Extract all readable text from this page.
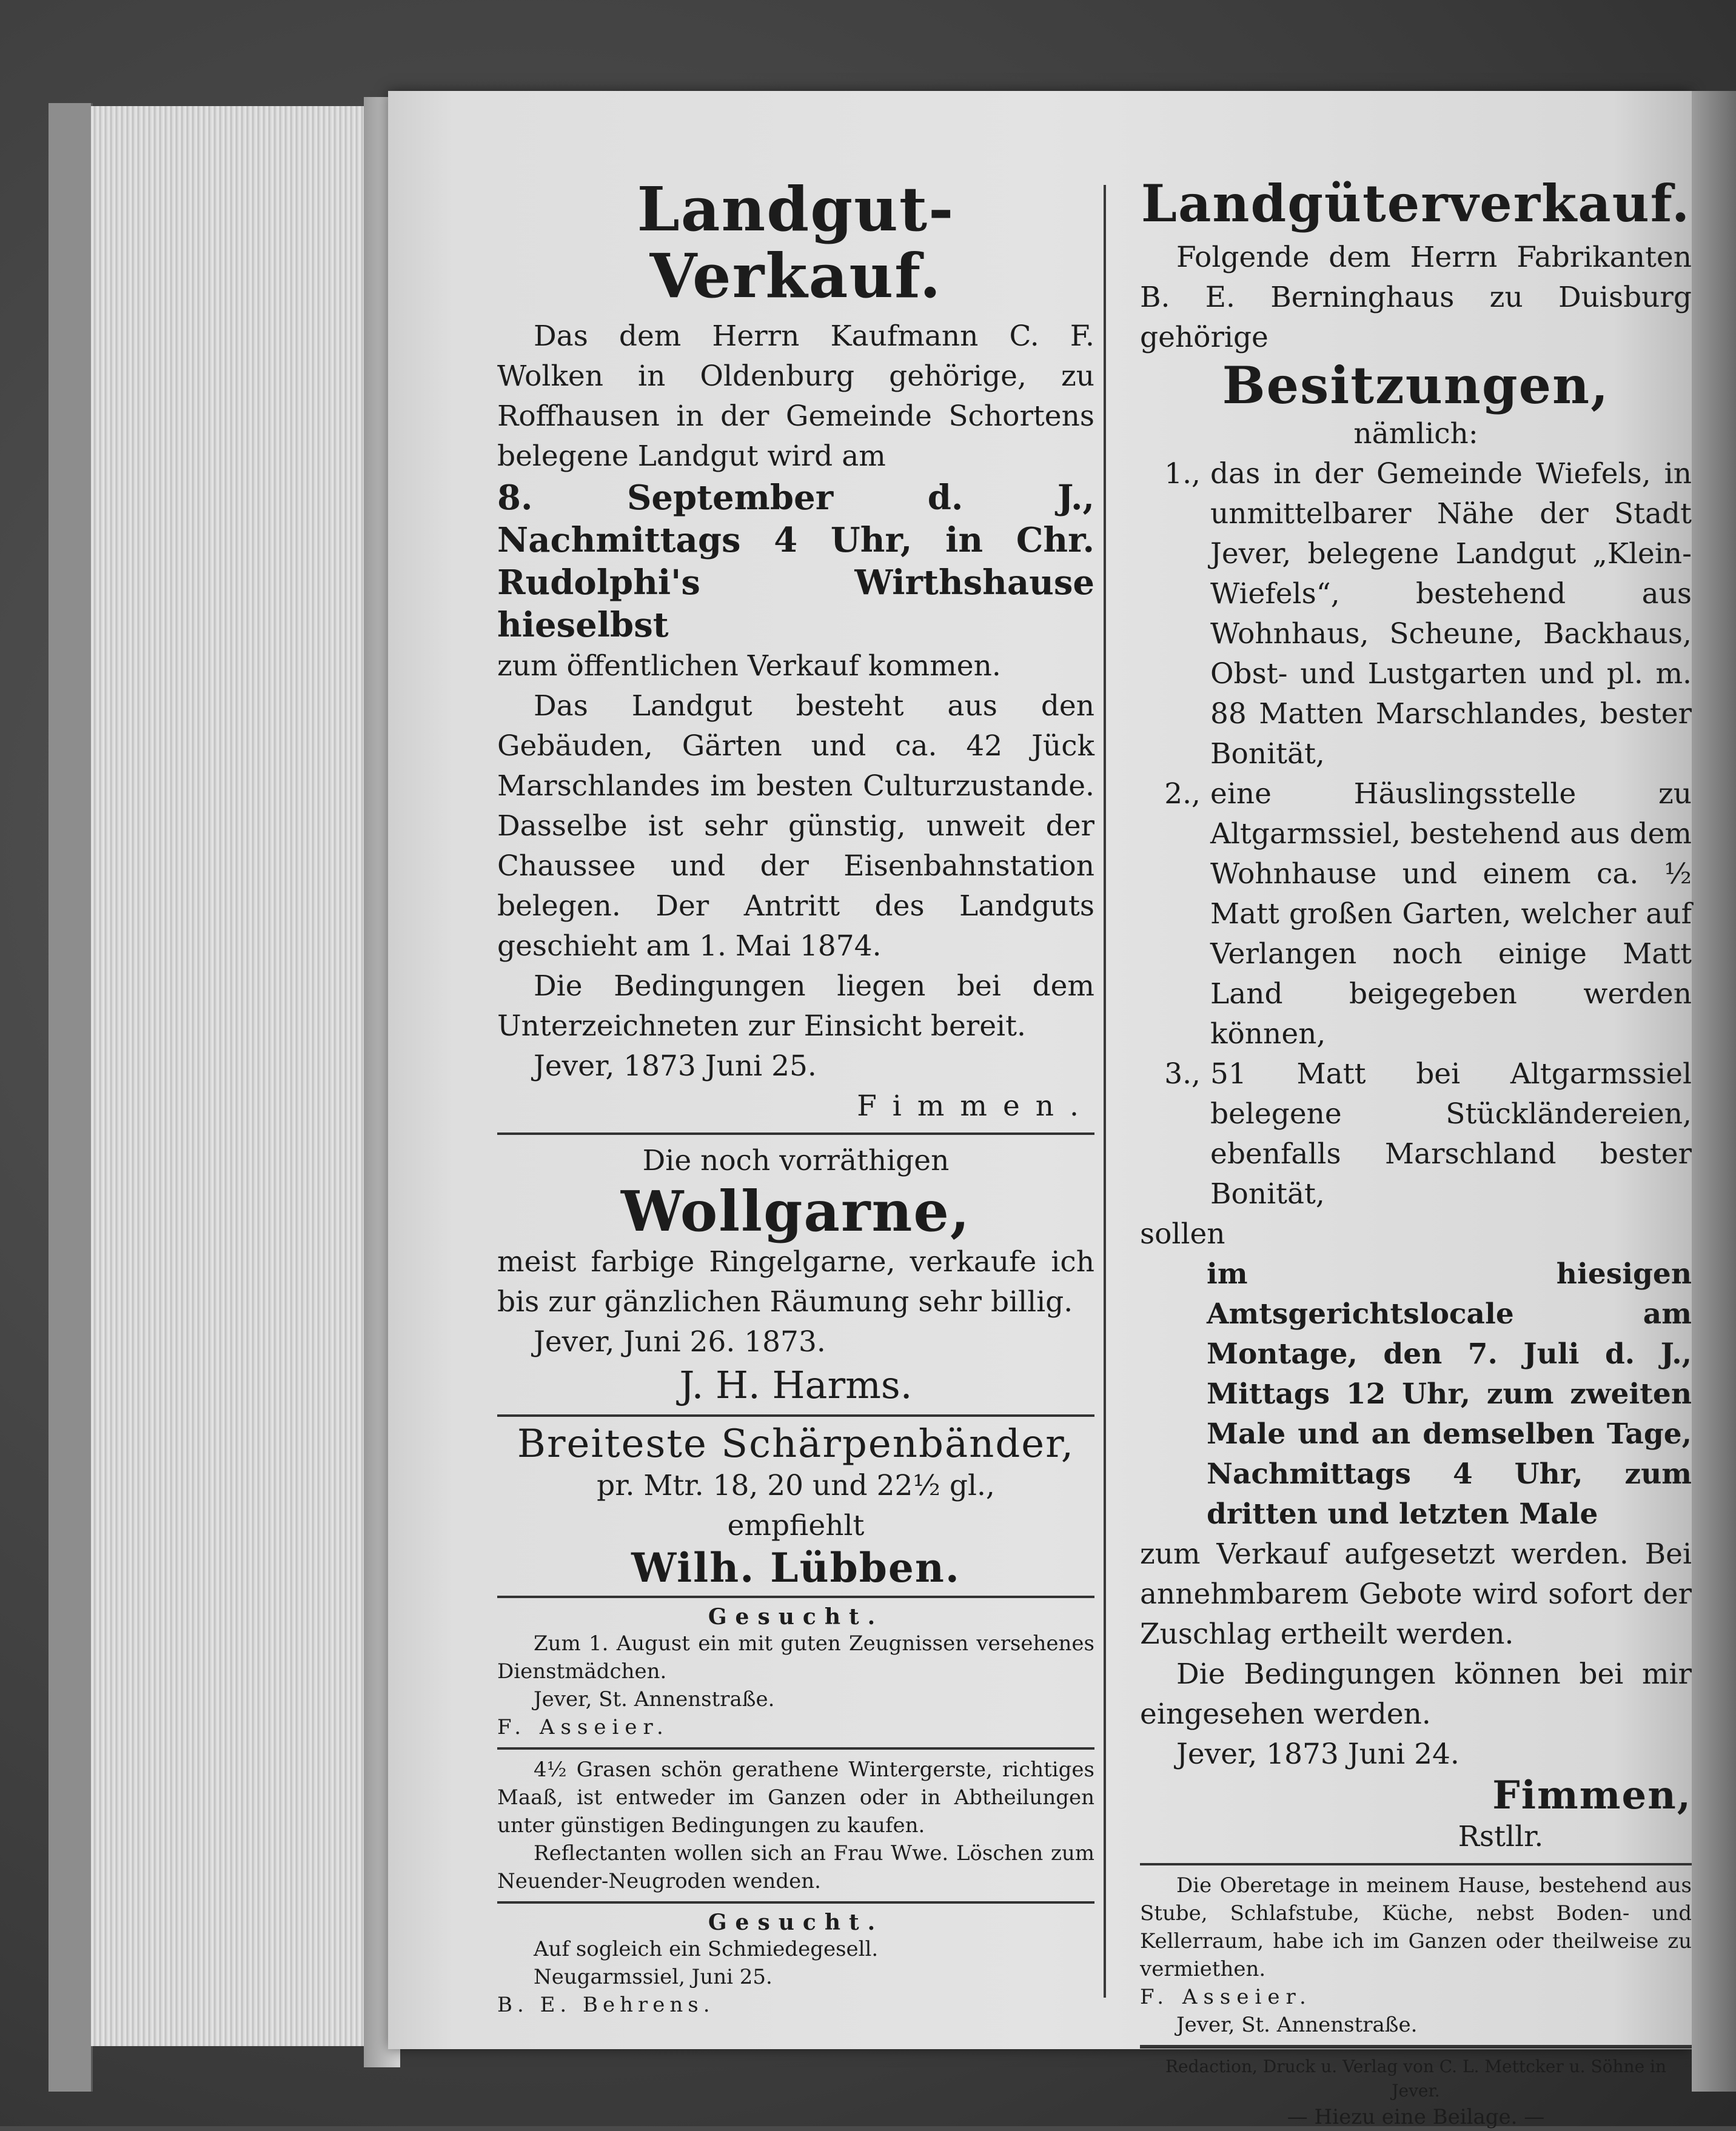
Landgut-Verkauf.

Das dem Herrn Kaufmann C. F. Wolken in Oldenburg gehörige, zu Roffhausen in der Gemeinde Schortens belegene Landgut wird am

8. September d. J., Nachmittags 4 Uhr, in Chr. Rudolphi's Wirthshause hieselbst

zum öffentlichen Verkauf kommen.

Das Landgut besteht aus den Gebäuden, Gärten und ca. 42 Jück Marschlandes im besten Culturzustande. Dasselbe ist sehr günstig, unweit der Chaussee und der Eisenbahnstation belegen. Der Antritt des Landguts geschieht am 1. Mai 1874.

Die Bedingungen liegen bei dem Unterzeichneten zur Einsicht bereit.

Jever, 1873 Juni 25.

Fimmen.

Die noch vorräthigen

Wollgarne,

meist farbige Ringelgarne, verkaufe ich bis zur gänzlichen Räumung sehr billig.

Jever, Juni 26. 1873.

J. H. Harms.

Breiteste Schärpenbänder,

pr. Mtr. 18, 20 und 22½ gl.,

empfiehlt

Wilh. Lübben.

Gesucht.

Zum 1. August ein mit guten Zeugnissen versehenes Dienstmädchen.

Jever, St. Annenstraße.

F. Asseier.

4½ Grasen schön gerathene Wintergerste, richtiges Maaß, ist entweder im Ganzen oder in Abtheilungen unter günstigen Bedingungen zu kaufen.

Reflectanten wollen sich an Frau Wwe. Löschen zum Neuender-Neugroden wenden.

Gesucht.

Auf sogleich ein Schmiedegesell.

Neugarmssiel, Juni 25.

B. E. Behrens.

Landgüterverkauf.

Folgende dem Herrn Fabrikanten B. E. Berninghaus zu Duisburg gehörige

Besitzungen,

nämlich:

1., das in der Gemeinde Wiefels, in unmittelbarer Nähe der Stadt Jever, belegene Landgut „Klein-Wiefels“, bestehend aus Wohnhaus, Scheune, Backhaus, Obst- und Lustgarten und pl. m. 88 Matten Marschlandes, bester Bonität,

2., eine Häuslingsstelle zu Altgarmssiel, bestehend aus dem Wohnhause und einem ca. ½ Matt großen Garten, welcher auf Verlangen noch einige Matt Land beigegeben werden können,

3., 51 Matt bei Altgarmssiel belegene Stückländereien, ebenfalls Marschland bester Bonität,

sollen

im hiesigen Amtsgerichtslocale am Montage, den 7. Juli d. J., Mittags 12 Uhr, zum zweiten Male und an demselben Tage, Nachmittags 4 Uhr, zum dritten und letzten Male

zum Verkauf aufgesetzt werden. Bei annehmbarem Gebote wird sofort der Zuschlag ertheilt werden.

Die Bedingungen können bei mir eingesehen werden.

Jever, 1873 Juni 24.

Fimmen,

Rstllr.

Die Oberetage in meinem Hause, bestehend aus Stube, Schlafstube, Küche, nebst Boden- und Kellerraum, habe ich im Ganzen oder theilweise zu vermiethen.

F. Asseier.

Jever, St. Annenstraße.

Redaction, Druck u. Verlag von C. L. Mettcker u. Söhne in Jever.

— Hiezu eine Beilage. —
